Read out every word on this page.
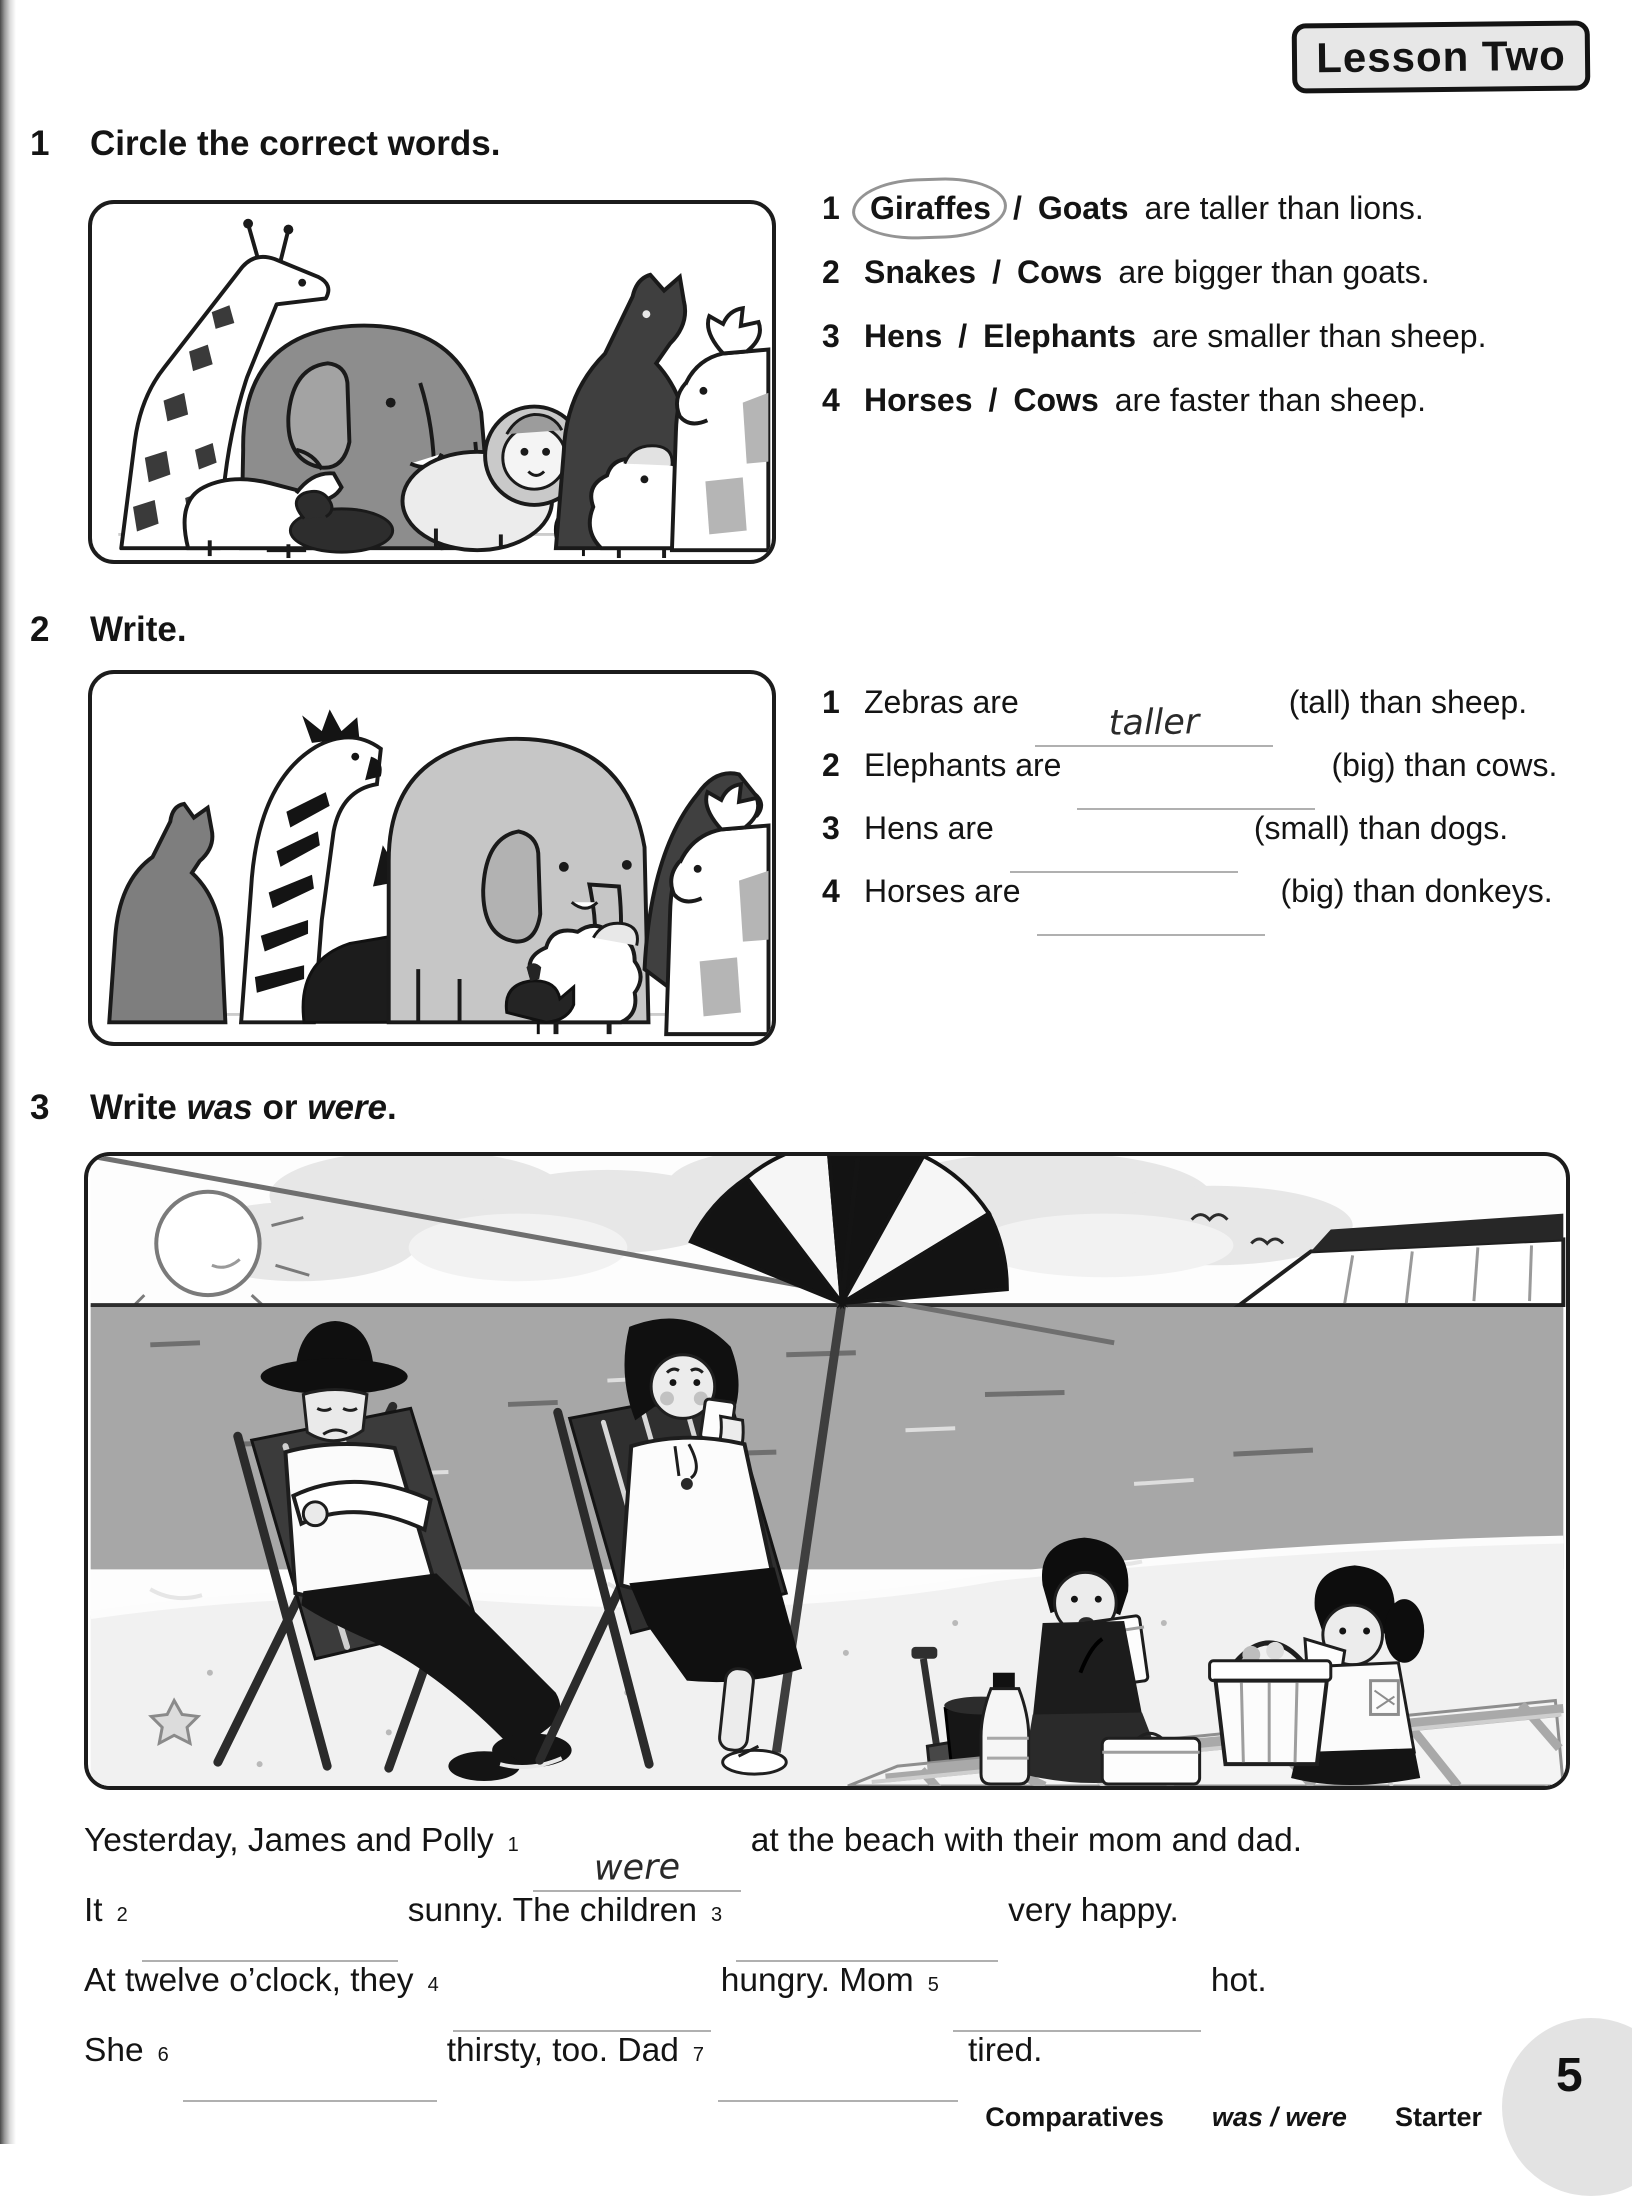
Lesson Two
1 Circle the correct words.
1 Giraffes / Goats are taller than lions.
2 Snakes / Cows are bigger than goats.
3 Hens / Elephants are smaller than sheep.
4 Horses / Cows are faster than sheep.
2 Write.
1 Zebras are
taller
(tall) than sheep.
2 Elephants are	(big) than cows.
3 Hens are	(small) than dogs.
4 Horses are	(big) than donkeys.
3 Write was or were.
Yesterday, James and Polly 1
were
at the beach with their mom and dad.
It 2	sunny. The children 3	very happy.
At twelve o’clock, they 4	hungry. Mom 5	hot.
She 6	thirsty, too. Dad 7	tired.
Comparatives was / were Starter
5
